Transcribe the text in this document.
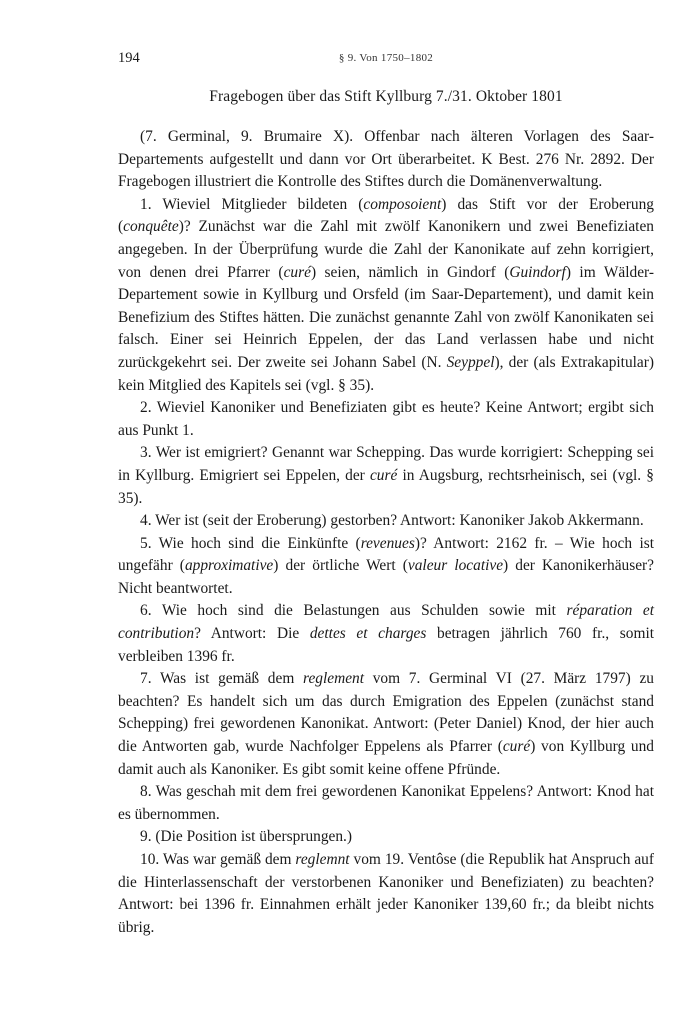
194	§ 9. Von 1750–1802
Fragebogen über das Stift Kyllburg 7./31. Oktober 1801

(7. Germinal, 9. Brumaire X). Offenbar nach älteren Vorlagen des Saar-Departements aufgestellt und dann vor Ort überarbeitet. K Best. 276 Nr. 2892. Der Fragebogen illustriert die Kontrolle des Stiftes durch die Domänenverwaltung.

1. Wieviel Mitglieder bildeten (composoient) das Stift vor der Eroberung (conquête)? Zunächst war die Zahl mit zwölf Kanonikern und zwei Benefiziaten angegeben. In der Überprüfung wurde die Zahl der Kanonikate auf zehn korrigiert, von denen drei Pfarrer (curé) seien, nämlich in Gindorf (Guindorf) im Wälder-Departement sowie in Kyllburg und Orsfeld (im Saar-Departement), und damit kein Benefizium des Stiftes hätten. Die zunächst genannte Zahl von zwölf Kanonikaten sei falsch. Einer sei Heinrich Eppelen, der das Land verlassen habe und nicht zurückgekehrt sei. Der zweite sei Johann Sabel (N. Seyppel), der (als Extrakapitular) kein Mitglied des Kapitels sei (vgl. § 35).

2. Wieviel Kanoniker und Benefiziaten gibt es heute? Keine Antwort; ergibt sich aus Punkt 1.

3. Wer ist emigriert? Genannt war Schepping. Das wurde korrigiert: Schepping sei in Kyllburg. Emigriert sei Eppelen, der curé in Augsburg, rechtsrheinisch, sei (vgl. § 35).

4. Wer ist (seit der Eroberung) gestorben? Antwort: Kanoniker Jakob Akkermann.

5. Wie hoch sind die Einkünfte (revenues)? Antwort: 2162 fr. – Wie hoch ist ungefähr (approximative) der örtliche Wert (valeur locative) der Kanonikerhäuser? Nicht beantwortet.

6. Wie hoch sind die Belastungen aus Schulden sowie mit réparation et contribution? Antwort: Die dettes et charges betragen jährlich 760 fr., somit verbleiben 1396 fr.

7. Was ist gemäß dem reglement vom 7. Germinal VI (27. März 1797) zu beachten? Es handelt sich um das durch Emigration des Eppelen (zunächst stand Schepping) frei gewordenen Kanonikat. Antwort: (Peter Daniel) Knod, der hier auch die Antworten gab, wurde Nachfolger Eppelens als Pfarrer (curé) von Kyllburg und damit auch als Kanoniker. Es gibt somit keine offene Pfründe.

8. Was geschah mit dem frei gewordenen Kanonikat Eppelens? Antwort: Knod hat es übernommen.

9. (Die Position ist übersprungen.)

10. Was war gemäß dem reglemnt vom 19. Ventôse (die Republik hat Anspruch auf die Hinterlassenschaft der verstorbenen Kanoniker und Benefiziaten) zu beachten? Antwort: bei 1396 fr. Einnahmen erhält jeder Kanoniker 139,60 fr.; da bleibt nichts übrig.
